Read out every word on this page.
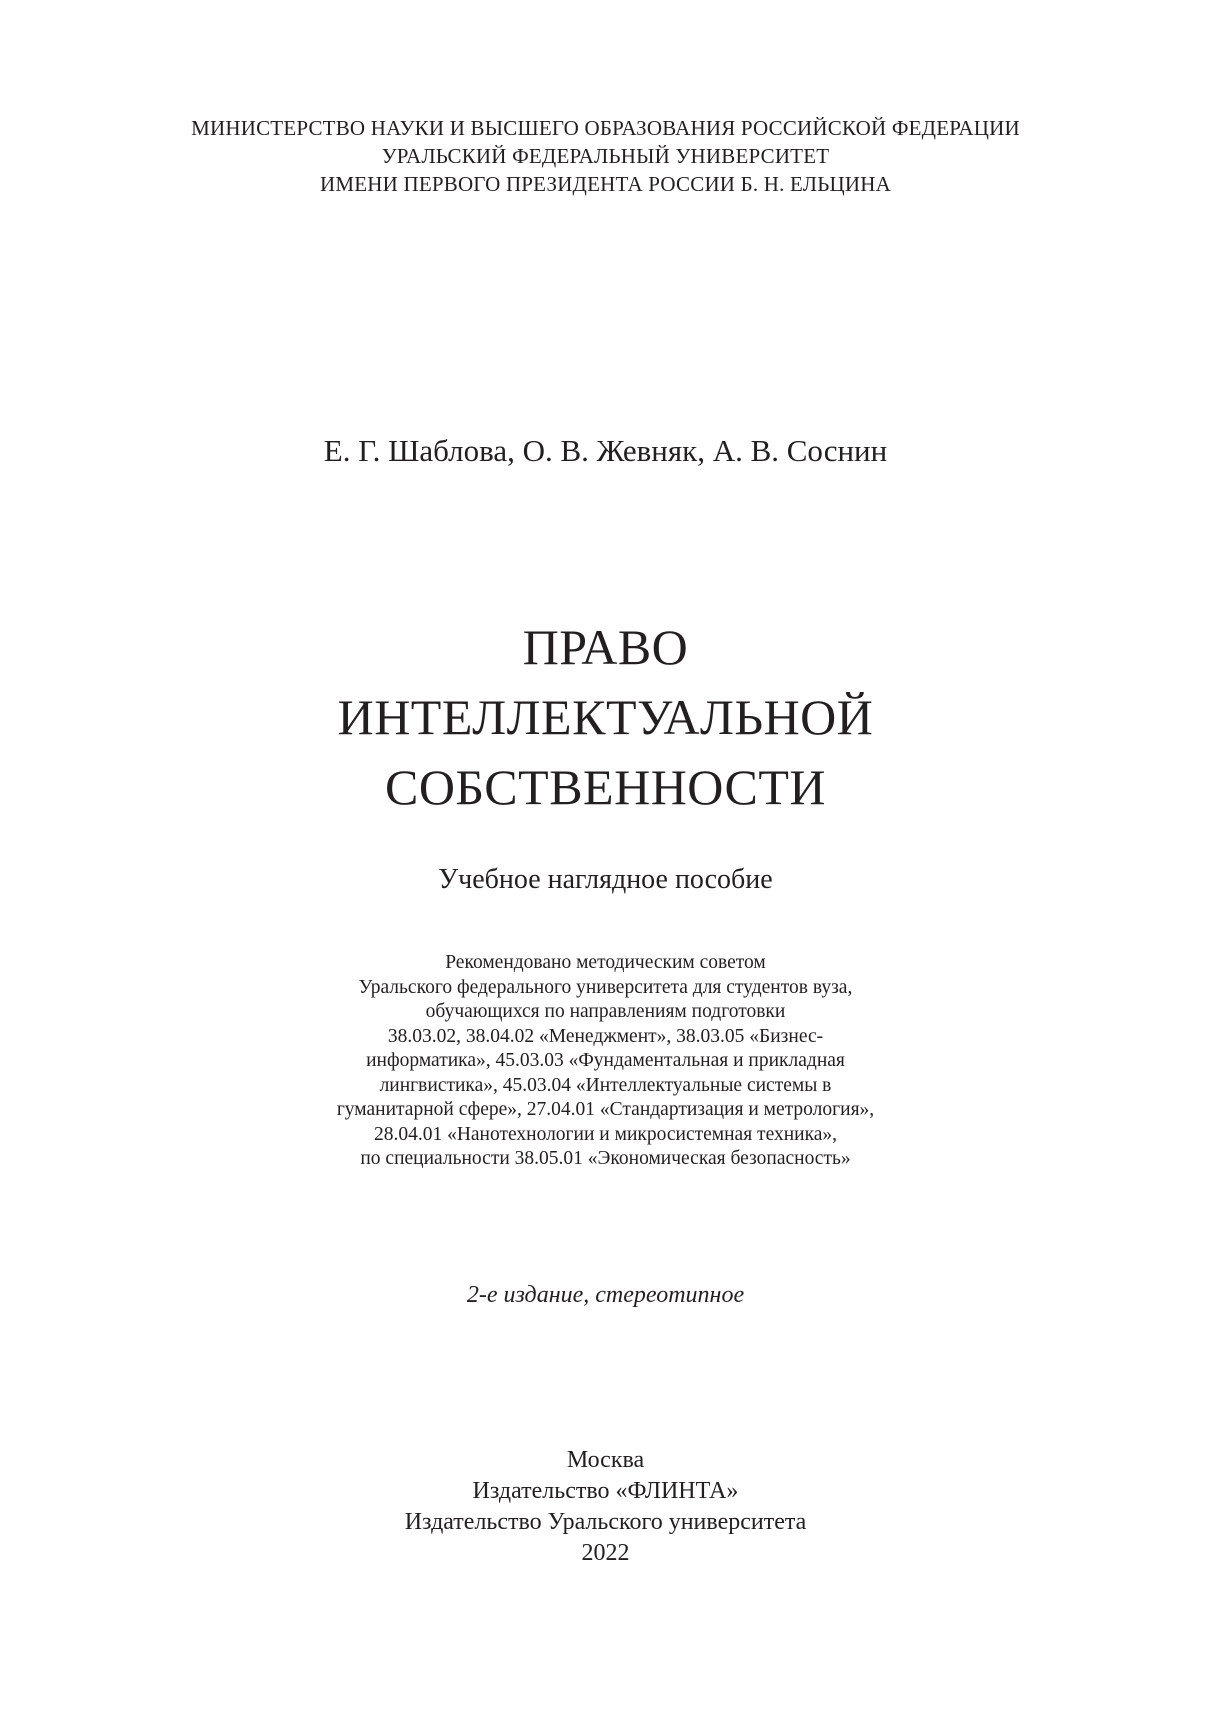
МИНИСТЕРСТВО НАУКИ И ВЫСШЕГО ОБРАЗОВАНИЯ РОССИЙСКОЙ ФЕДЕРАЦИИ
УРАЛЬСКИЙ ФЕДЕРАЛЬНЫЙ УНИВЕРСИТЕТ
ИМЕНИ ПЕРВОГО ПРЕЗИДЕНТА РОССИИ Б. Н. ЕЛЬЦИНА
Е. Г. Шаблова, О. В. Жевняк, А. В. Соснин
ПРАВО
ИНТЕЛЛЕКТУАЛЬНОЙ
СОБСТВЕННОСТИ
Учебное наглядное пособие
Рекомендовано методическим советом
Уральского федерального университета для студентов вуза,
обучающихся по направлениям подготовки
38.03.02, 38.04.02 «Менеджмент», 38.03.05 «Бизнес-
информатика», 45.03.03 «Фундаментальная и прикладная
лингвистика», 45.03.04 «Интеллектуальные системы в
гуманитарной сфере», 27.04.01 «Стандартизация и метрология»,
28.04.01 «Нанотехнологии и микросистемная техника»,
по специальности 38.05.01 «Экономическая безопасность»
2-е издание, стереотипное
Москва
Издательство «ФЛИНТА»
Издательство Уральского университета
2022
